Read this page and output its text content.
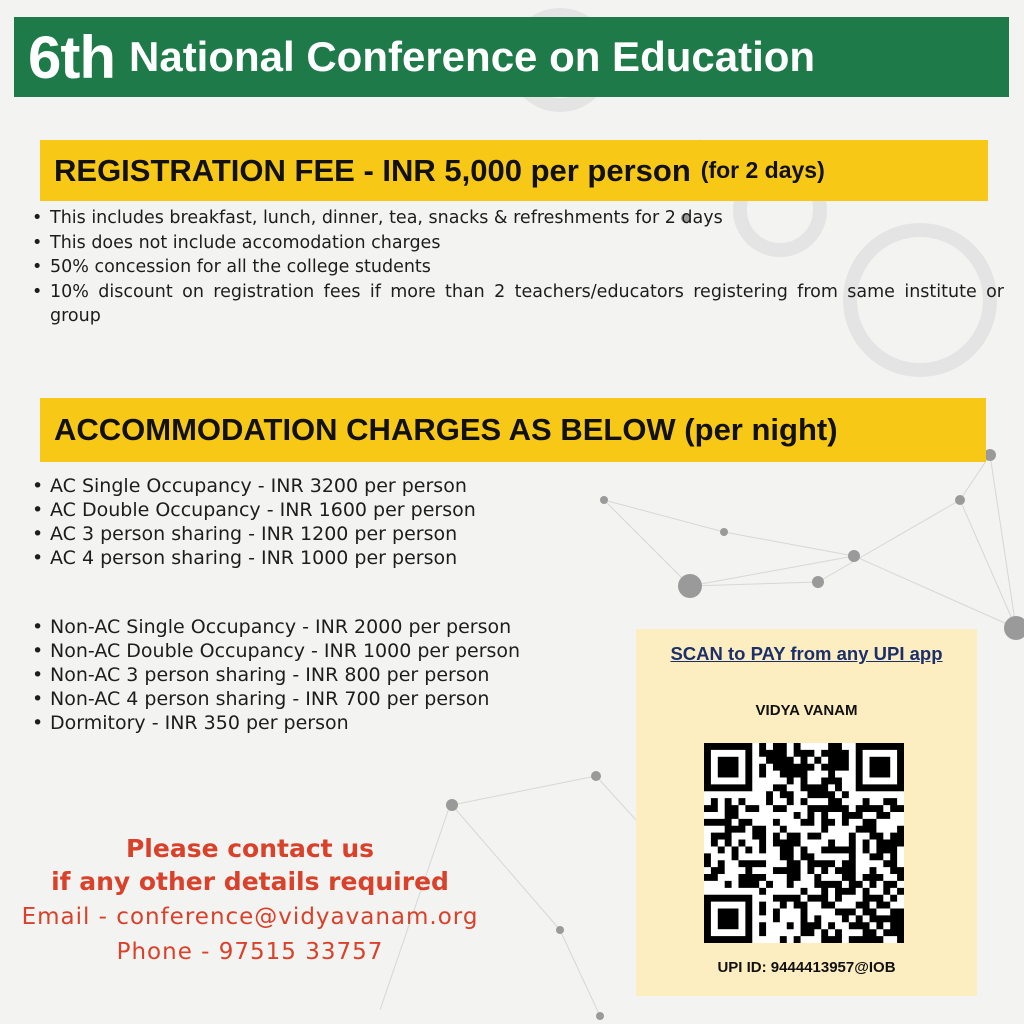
6th National Conference on Education
REGISTRATION FEE - INR 5,000 per person (for 2 days)
• This includes breakfast, lunch, dinner, tea, snacks & refreshments for 2 days
• This does not include accomodation charges
• 50% concession for all the college students
• 10% discount on registration fees if more than 2 teachers/educators registering from same institute or group
ACCOMMODATION CHARGES AS BELOW (per night)
• AC Single Occupancy - INR 3200 per person
• AC Double Occupancy - INR 1600 per person
• AC 3 person sharing - INR 1200 per person
• AC 4 person sharing - INR 1000 per person
• Non-AC Single Occupancy - INR 2000 per person
• Non-AC Double Occupancy - INR 1000 per person
• Non-AC 3 person sharing - INR 800 per person
• Non-AC 4 person sharing - INR 700 per person
• Dormitory - INR 350 per person
Please contact us
if any other details required
Email - conference@vidyavanam.org
Phone - 97515 33757
SCAN to PAY from any UPI app
VIDYA VANAM
UPI ID: 9444413957@IOB
